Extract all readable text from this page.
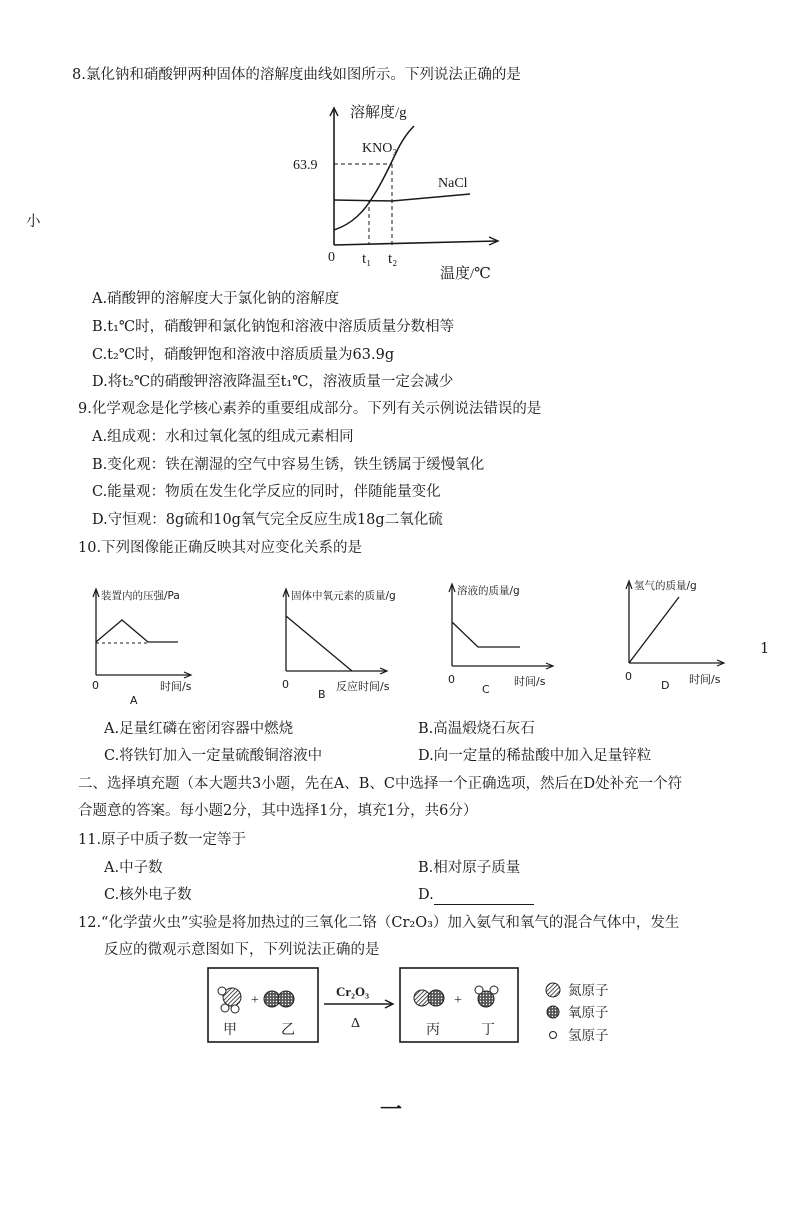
8.氯化钠和硝酸钾两种固体的溶解度曲线如图所示。下列说法正确的是
溶解度/g
KNO₃
NaCl
63.9
0 t₁ t₂
温度/℃
小
A.硝酸钾的溶解度大于氯化钠的溶解度
B.t₁℃时，硝酸钾和氯化钠饱和溶液中溶质质量分数相等
C.t₂℃时，硝酸钾饱和溶液中溶质质量为63.9g
D.将t₂℃的硝酸钾溶液降温至t₁℃，溶液质量一定会减少
9.化学观念是化学核心素养的重要组成部分。下列有关示例说法错误的是
A.组成观：水和过氧化氢的组成元素相同
B.变化观：铁在潮湿的空气中容易生锈，铁生锈属于缓慢氧化
C.能量观：物质在发生化学反应的同时，伴随能量变化
D.守恒观：8g硫和10g氧气完全反应生成18g二氧化硫
10.下列图像能正确反映其对应变化关系的是
装置内的压强/Pa
0	时间/s
A
固体中氧元素的质量/g
0
B
反应时间/s
溶液的质量/g
0	时间/s
C
氢气的质量/g
0	时间/s
D
1
A.足量红磷在密闭容器中燃烧	B.高温煅烧石灰石
C.将铁钉加入一定量硫酸铜溶液中	D.向一定量的稀盐酸中加入足量锌粒
二、选择填充题（本大题共3小题，先在A、B、C中选择一个正确选项，然后在D处补充一个符
合题意的答案。每小题2分，其中选择1分，填充1分，共6分）
11.原子中质子数一定等于
A.中子数	B.相对原子质量
C.核外电子数	D.
12.“化学萤火虫”实验是将加热过的三氧化二铬（Cr₂O₃）加入氨气和氧气的混合气体中，发生
反应的微观示意图如下，下列说法正确的是
+
甲	乙
Cr₂O₃
Δ
+
丙	丁
氮原子
氧原子
氢原子
一
